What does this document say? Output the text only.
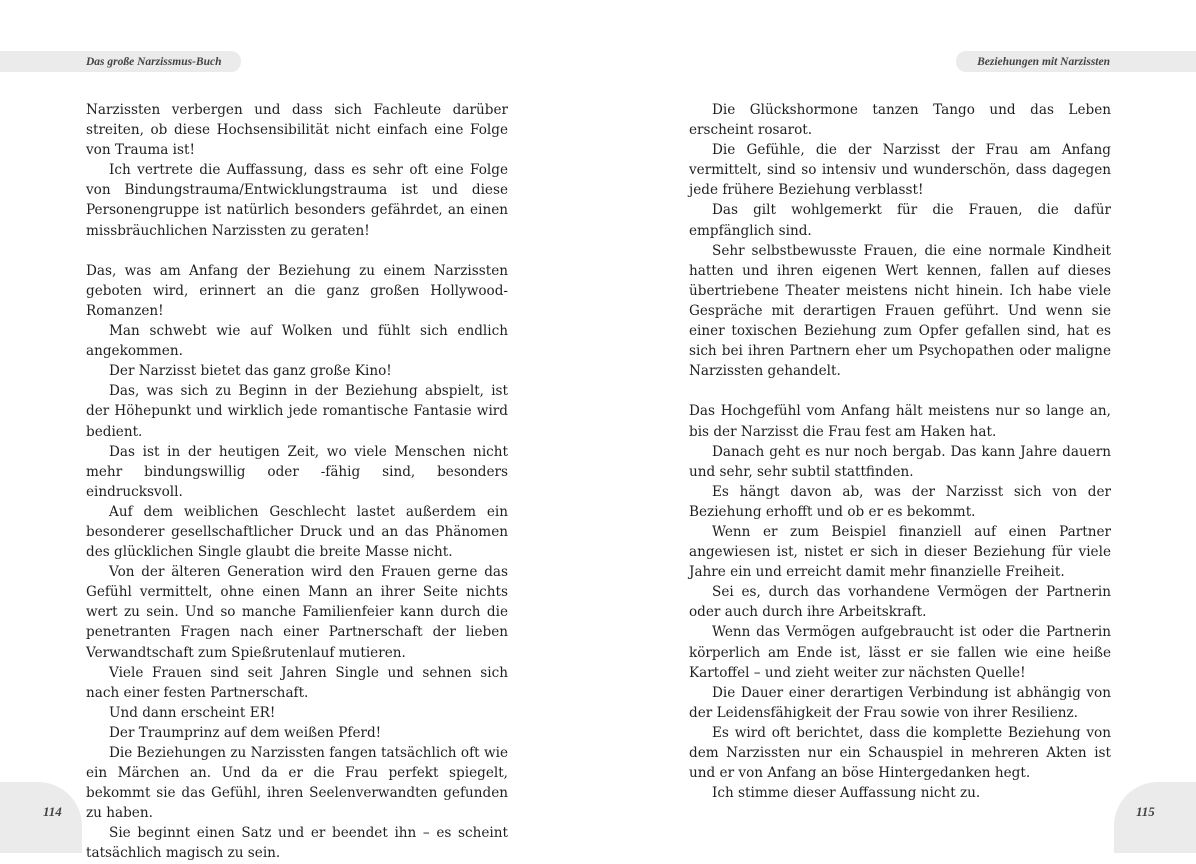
Das große Narzissmus-Buch

Narzissten verbergen und dass sich Fachleute darüber streiten, ob diese Hochsensibilität nicht einfach eine Folge von Trauma ist!

Ich vertrete die Auffassung, dass es sehr oft eine Folge von Bindungstrauma/Entwicklungstrauma ist und diese Personengruppe ist natürlich besonders gefährdet, an einen missbräuchlichen Narzissten zu geraten!

Das, was am Anfang der Beziehung zu einem Narzissten geboten wird, erinnert an die ganz großen Hollywood-Romanzen!

Man schwebt wie auf Wolken und fühlt sich endlich angekommen.

Der Narzisst bietet das ganz große Kino!

Das, was sich zu Beginn in der Beziehung abspielt, ist der Höhepunkt und wirklich jede romantische Fantasie wird bedient.

Das ist in der heutigen Zeit, wo viele Menschen nicht mehr bindungswillig oder -fähig sind, besonders eindrucksvoll.

Auf dem weiblichen Geschlecht lastet außerdem ein besonderer gesellschaftlicher Druck und an das Phänomen des glücklichen Single glaubt die breite Masse nicht.

Von der älteren Generation wird den Frauen gerne das Gefühl vermittelt, ohne einen Mann an ihrer Seite nichts wert zu sein. Und so manche Familienfeier kann durch die penetranten Fragen nach einer Partnerschaft der lieben Verwandtschaft zum Spießrutenlauf mutieren.

Viele Frauen sind seit Jahren Single und sehnen sich nach einer festen Partnerschaft.

Und dann erscheint ER!

Der Traumprinz auf dem weißen Pferd!

Die Beziehungen zu Narzissten fangen tatsächlich oft wie ein Märchen an. Und da er die Frau perfekt spiegelt, bekommt sie das Gefühl, ihren Seelenverwandten gefunden zu haben.

Sie beginnt einen Satz und er beendet ihn – es scheint tatsächlich magisch zu sein.

114
Beziehungen mit Narzissten

Die Glückshormone tanzen Tango und das Leben erscheint rosarot.

Die Gefühle, die der Narzisst der Frau am Anfang vermittelt, sind so intensiv und wunderschön, dass dagegen jede frühere Beziehung verblasst!

Das gilt wohlgemerkt für die Frauen, die dafür empfänglich sind.

Sehr selbstbewusste Frauen, die eine normale Kindheit hatten und ihren eigenen Wert kennen, fallen auf dieses übertriebene Theater meistens nicht hinein. Ich habe viele Gespräche mit derartigen Frauen geführt. Und wenn sie einer toxischen Beziehung zum Opfer gefallen sind, hat es sich bei ihren Partnern eher um Psychopathen oder maligne Narzissten gehandelt.

Das Hochgefühl vom Anfang hält meistens nur so lange an, bis der Narzisst die Frau fest am Haken hat.

Danach geht es nur noch bergab. Das kann Jahre dauern und sehr, sehr subtil stattfinden.

Es hängt davon ab, was der Narzisst sich von der Beziehung erhofft und ob er es bekommt.

Wenn er zum Beispiel finanziell auf einen Partner angewiesen ist, nistet er sich in dieser Beziehung für viele Jahre ein und erreicht damit mehr finanzielle Freiheit.

Sei es, durch das vorhandene Vermögen der Partnerin oder auch durch ihre Arbeitskraft.

Wenn das Vermögen aufgebraucht ist oder die Partnerin körperlich am Ende ist, lässt er sie fallen wie eine heiße Kartoffel – und zieht weiter zur nächsten Quelle!

Die Dauer einer derartigen Verbindung ist abhängig von der Leidensfähigkeit der Frau sowie von ihrer Resilienz.

Es wird oft berichtet, dass die komplette Beziehung von dem Narzissten nur ein Schauspiel in mehreren Akten ist und er von Anfang an böse Hintergedanken hegt.

Ich stimme dieser Auffassung nicht zu.

115
